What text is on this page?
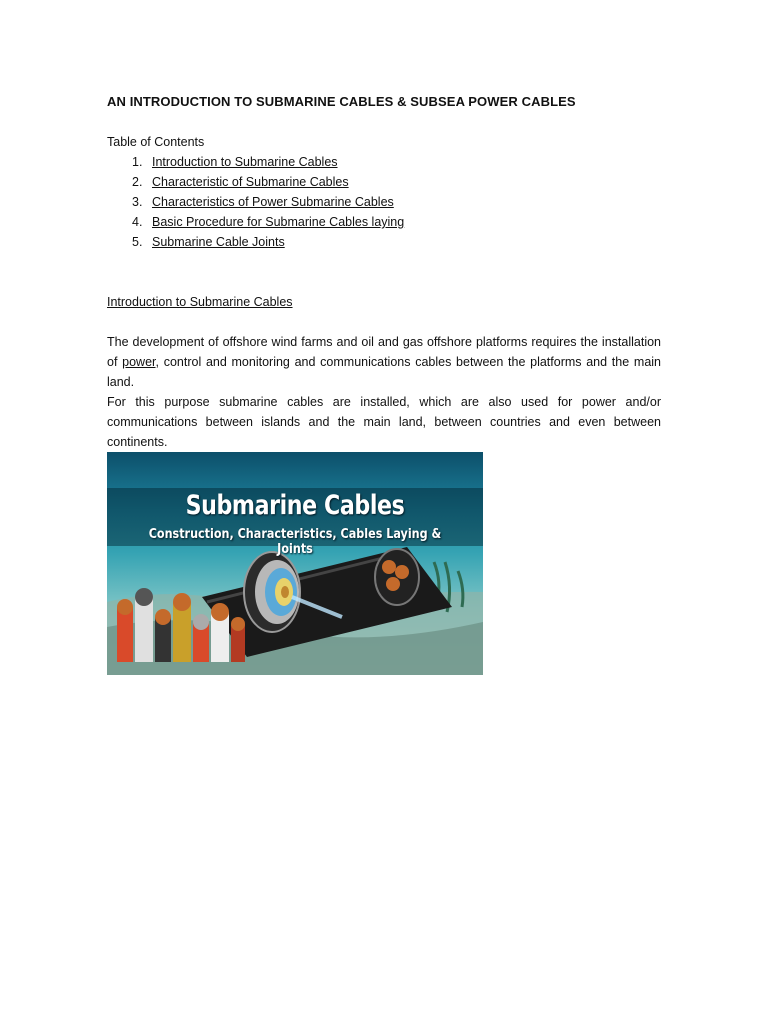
AN INTRODUCTION TO SUBMARINE CABLES & SUBSEA POWER CABLES
Table of Contents
1. Introduction to Submarine Cables
2. Characteristic of Submarine Cables
3. Characteristics of Power Submarine Cables
4. Basic Procedure for Submarine Cables laying
5. Submarine Cable Joints
Introduction to Submarine Cables

The development of offshore wind farms and oil and gas offshore platforms requires the installation of power, control and monitoring and communications cables between the platforms and the main land.

For this purpose submarine cables are installed, which are also used for power and/or communications between islands and the main land, between countries and even between continents.

Submarine Cables
Construction, Characteristics, Cables Laying & Joints
